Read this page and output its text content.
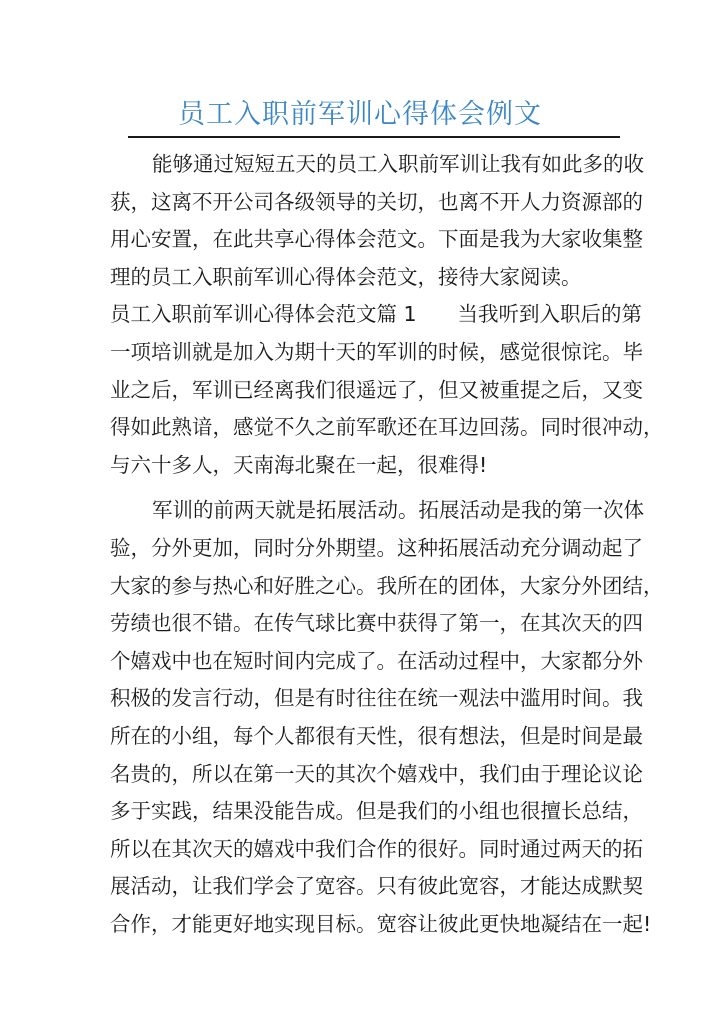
员工入职前军训心得体会例文
能够通过短短五天的员工入职前军训让我有如此多的收
获，这离不开公司各级领导的关切，也离不开人力资源部的
用心安置，在此共享心得体会范文。下面是我为大家收集整
理的员工入职前军训心得体会范文，接待大家阅读。
员工入职前军训心得体会范文篇 1　　当我听到入职后的第
一项培训就是加入为期十天的军训的时候，感觉很惊诧。毕
业之后，军训已经离我们很遥远了，但又被重提之后，又变
得如此熟谙，感觉不久之前军歌还在耳边回荡。同时很冲动，
与六十多人，天南海北聚在一起，很难得!
军训的前两天就是拓展活动。拓展活动是我的第一次体
验，分外更加，同时分外期望。这种拓展活动充分调动起了
大家的参与热心和好胜之心。我所在的团体，大家分外团结，
劳绩也很不错。在传气球比赛中获得了第一，在其次天的四
个嬉戏中也在短时间内完成了。在活动过程中，大家都分外
积极的发言行动，但是有时往往在统一观法中滥用时间。我
所在的小组，每个人都很有天性，很有想法，但是时间是最
名贵的，所以在第一天的其次个嬉戏中，我们由于理论议论
多于实践，结果没能告成。但是我们的小组也很擅长总结，
所以在其次天的嬉戏中我们合作的很好。同时通过两天的拓
展活动，让我们学会了宽容。只有彼此宽容，才能达成默契
合作，才能更好地实现目标。宽容让彼此更快地凝结在一起!
